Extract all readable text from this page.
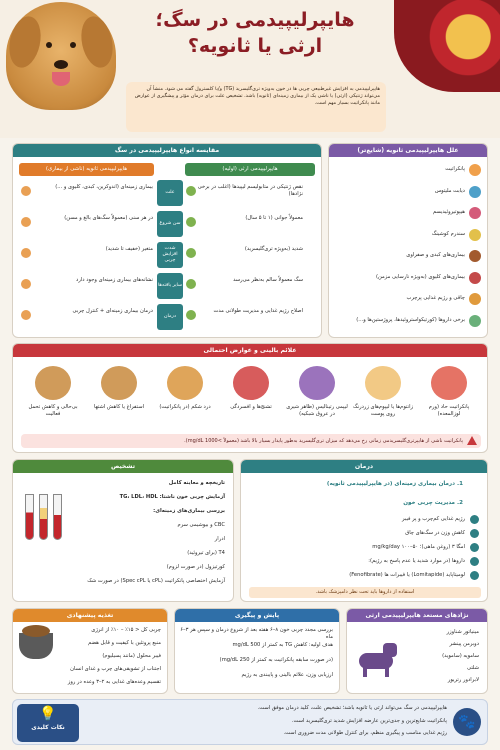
هایپرلیپیدمی در سگ؛
ارثی یا ثانویه؟
هایپرلیپیدمی به افزایش غیرطبیعی چربی ها در خون به‌ویژه تری‌گلیسرید (TG) و/یا کلسترول گفته می شود. منشأ آن می‌تواند ژنتیکی (ارثی) یا ناشی یک از بیماری زمینه‌ای (ثانویه) باشد. تشخیص علت برای درمان مؤثر و پیشگیری از عوارض مانند پانکراتیت بسیار مهم است.
مقایسه انواع هایپرلیپیدمی در سگ
هایپرلیپیدمی ارثی (اولیه)
هایپرلیپیدمی ثانویه (ناشی از بیماری)
علت
نقص ژنتیکی در متابولیسم لیپیدها (اغلب در برخی نژادها)
بیماری زمینه‌ای (اندوکرین، کبدی، کلیوی و ...)
سن شروع
معمولاً جوانی (۱ تا ۵ سال)
در هر سنی (معمولاً سگ‌های بالغ و مسن)
شدت افزایش چربی
شدید (به‌ویژه تری‌گلیسرید)
متغیر (خفیف تا شدید)
سایر یافته‌ها
سگ معمولاً سالم به‌نظر می‌رسد
نشانه‌های بیماری زمینه‌ای وجود دارد
درمان
اصلاح رژیم غذایی و مدیریت طولانی مدت
درمان بیماری زمینه‌ای + کنترل چربی
علل هایپرلیپیدمی ثانویه (شایع‌تر)
پانکراتیت
دیابت ملیتوس
هیپوتیروئیدیسم
سندرم کوشینگ
بیماری‌های کبدی و صفراوی
بیماری‌های کلیوی (به‌ویژه نارسایی مزمن)
چاقی و رژیم غذایی پرچرب
برخی داروها (کورتیکواستروئیدها، پروژستین‌ها و...)
علائم بالینی و عوارض احتمالی
پانکراتیت حاد (ورم لوزالمعده)
زانتوم‌ها یا لیپوم‌های زردرنگ روی پوست
لیپمی رتینالیس (ظاهر شیری در عروق شبکیه)
تشنج‌ها و افسردگی
درد شکم (در پانکراتیت)
استفراغ یا کاهش اشتها
بی‌حالی و کاهش تحمل فعالیت
پانکراتیت ناشی از هایپرتری‌گلیسریدمی زمانی رخ می‌دهد که میزان تری‌گلیسرید به‌طور پایدار بسیار بالا باشد (معمولاً >1000 mg/dL).
تشخیص
تاریخچه و معاینه کامل
آزمایش چربی خون ناشتا: TG، LDL، HDL
بررسی بیماری‌های زمینه‌ای:
CBC و بیوشیمی سرم
ادرار
T4 (برای تیروئید)
کورتیزول (در صورت لزوم)
آزمایش اختصاصی پانکراتیت (cPL یا Spec cPL) در صورت شک
درمان
1. درمان بیماری زمینه‌ای (در هایپرلیپیدمی ثانویه)
2. مدیریت چربی خون
رژیم غذایی کم‌چرب و پر فیبر
کاهش وزن در سگ‌های چاق
امگا ۳ (روغن ماهی)؛ ۵۰–۱۰۰ mg/kg/day
داروها (در موارد شدید یا عدم پاسخ به رژیم):
لومیتاپاید (Lomitapide) یا فیبرات ها (Fenofibrate)
استفاده از داروها باید تحت نظر دامپزشک باشد.
تغذیه پیشنهادی
چربی کل < ۱۵٪ – ۱۰٪ از انرژی
منبع پروتئین با کیفیت و قابل هضم
فیبر محلول (مانند پسیلیوم)
اجتناب از تشویقی‌های چرب و غذای انسان
تقسیم وعده‌های غذایی به ۲–۳ وعده در روز
پایش و پیگیری
بررسی مجدد چربی خون ۸–۶ هفته بعد از شروع درمان و سپس هر ۳–۶ ماه
هدف اولیه: کاهش TG به کمتر از 500 mg/dL
(در صورت سابقه پانکراتیت به کمتر از 250 mg/dL)
ارزیابی وزن، علائم بالینی و پایبندی به رژیم
نژادهای مستعد هایپرلیپیدمی ارثی
مینیاتور شناوزر
دوبرمن پینشر
سامویه (ساموید)
شلتی
لابرادور رتریور
💡
نکات کلیدی
هایپرلیپیدمی در سگ می‌تواند ارثی یا ثانویه باشد؛ تشخیص علت، کلید درمان موفق است.
پانکراتیت شایع‌ترین و جدی‌ترین عارضه افزایش شدید تری‌گلیسرید است.
رژیم غذایی مناسب و پیگیری منظم، برای کنترل طولانی مدت ضروری است.
🐾
